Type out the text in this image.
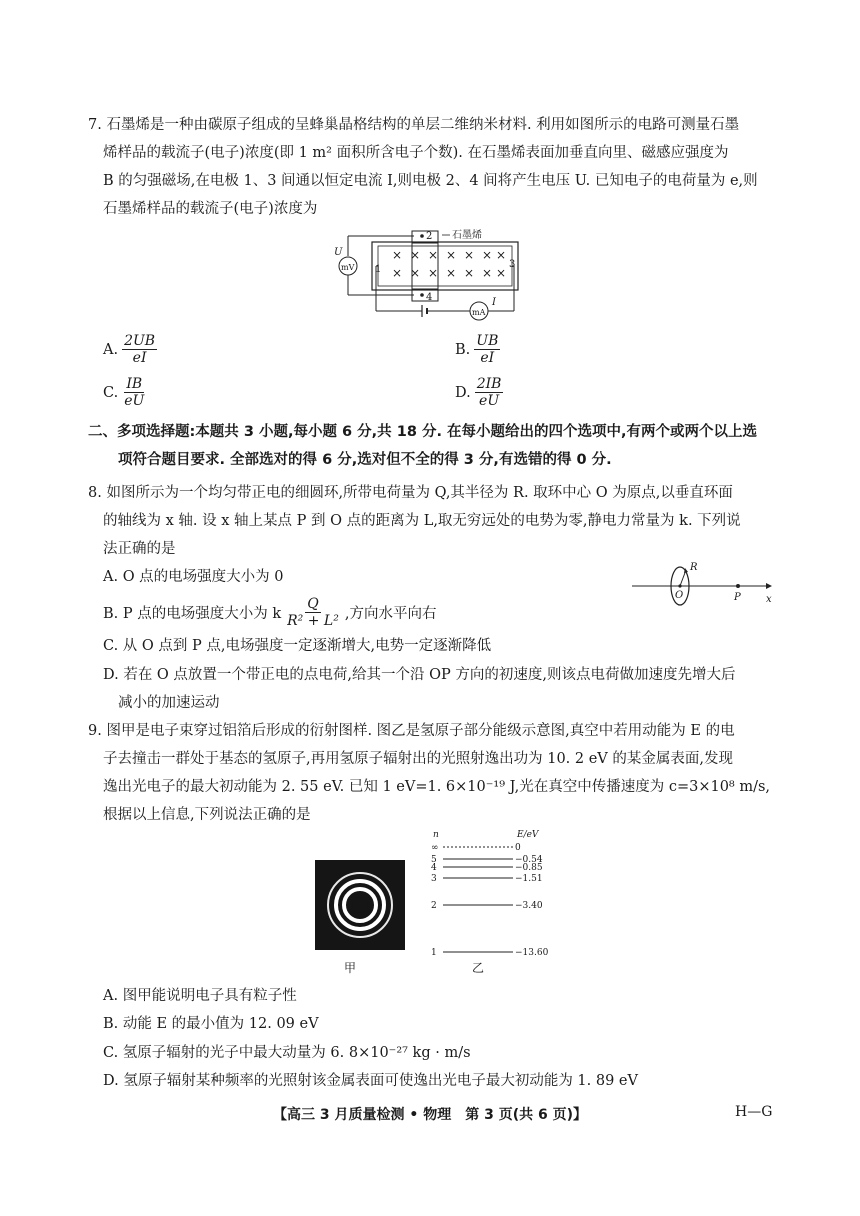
7. 石墨烯是一种由碳原子组成的呈蜂巢晶格结构的单层二维纳米材料. 利用如图所示的电路可测量石墨
烯样品的载流子(电子)浓度(即 1 m² 面积所含电子个数). 在石墨烯表面加垂直向里、磁感应强度为
B 的匀强磁场,在电极 1、3 间通以恒定电流 I,则电极 2、4 间将产生电压 U. 已知电子的电荷量为 e,则
石墨烯样品的载流子(电子)浓度为
× × × × × × ×
× × × × × × ×
2
4
1	3
石墨烯
mV
U
mA
I
A. $\frac{2UB}{eI}$	B. $\frac{UB}{eI}$
C. $\frac{IB}{eU}$	D. $\frac{2IB}{eU}$
二、多项选择题:本题共 3 小题,每小题 6 分,共 18 分. 在每小题给出的四个选项中,有两个或两个以上选
项符合题目要求. 全部选对的得 6 分,选对但不全的得 3 分,有选错的得 0 分.
8. 如图所示为一个均匀带正电的细圆环,所带电荷量为 Q,其半径为 R. 取环中心 O 为原点,以垂直环面
的轴线为 x 轴. 设 x 轴上某点 P 到 O 点的距离为 L,取无穷远处的电势为零,静电力常量为 k. 下列说
法正确的是
A. O 点的电场强度大小为 0
B. P 点的电场强度大小为 k $\frac{Q}{\text{R² + L²}}$ ,方向水平向右
C. 从 O 点到 P 点,电场强度一定逐渐增大,电势一定逐渐降低
D. 若在 O 点放置一个带正电的点电荷,给其一个沿 OP 方向的初速度,则该点电荷做加速度先增大后
减小的加速运动
R
O	P	x
9. 图甲是电子束穿过铝箔后形成的衍射图样. 图乙是氢原子部分能级示意图,真空中若用动能为 E 的电
子去撞击一群处于基态的氢原子,再用氢原子辐射出的光照射逸出功为 10. 2 eV 的某金属表面,发现
逸出光电子的最大初动能为 2. 55 eV. 已知 1 eV=1. 6×10⁻¹⁹ J,光在真空中传播速度为 c=3×10⁸ m/s,
根据以上信息,下列说法正确的是
甲
n	E/eV
∞
5
4
3
2
1
0
−0.54
−0.85
−1.51
−3.40
−13.60
乙
A. 图甲能说明电子具有粒子性
B. 动能 E 的最小值为 12. 09 eV
C. 氢原子辐射的光子中最大动量为 6. 8×10⁻²⁷ kg · m/s
D. 氢原子辐射某种频率的光照射该金属表面可使逸出光电子最大初动能为 1. 89 eV
【高三 3 月质量检测 • 物理　第 3 页(共 6 页)】	H—G
